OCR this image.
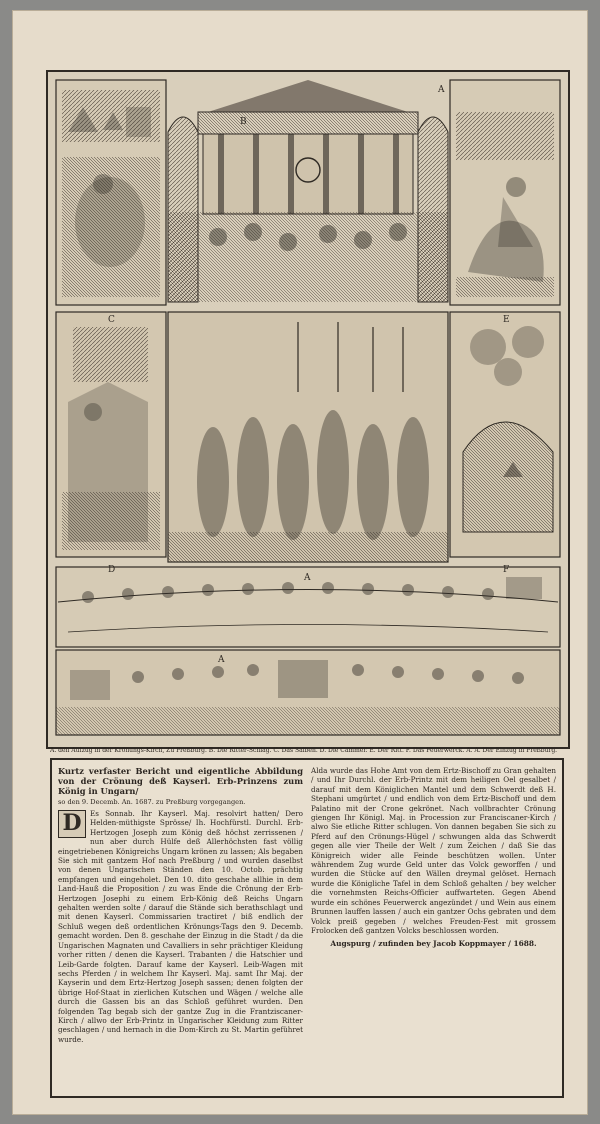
A
B
C
D
E
F
A
A
A. den Aufzug in der Krönungs-Kirch, Zu Preßburg. B. Die Ritter-Schlag. C. Das Salben. D. Die Cammer. E. Der Ritt. F. Das Feuerwerck. A. A. Der Einzug in Preßburg.
Kurtz verfaster Bericht und eigentliche Abbildung von der Crönung deß Kayserl. Erb-Prinzens zum König in Ungarn/
so den 9. Decemb. An. 1687. zu Preßburg vorgegangen.
D	Es Sonnab. Ihr Kayserl. Maj. resolvirt hatten/ Dero Helden-müthigste Sprösse/ Ih. Hochfürstl. Durchl. Erb-Hertzogen Joseph zum König deß höchst zerrissenen / nun aber durch Hülfe deß Allerhöchsten fast völlig eingetriebenen Königreichs Ungarn krönen zu lassen; Als begaben Sie sich mit gantzem Hof nach Preßburg / und wurden daselbst von denen Ungarischen Ständen den 10. Octob. prächtig empfangen und eingeholet. Den 10. dito geschahe allhie in dem Land-Hauß die Proposition / zu was Ende die Crönung der Erb-Hertzogen Josephi zu einem Erb-König deß Reichs Ungarn gehalten werden solte / darauf die Stände sich berathschlagt und mit denen Kayserl. Commissarien tractiret / biß endlich der Schluß wegen deß ordentlichen Krönungs-Tags den 9. Decemb. gemacht worden. Den 8. geschahe der Einzug in die Stadt / da die Ungarischen Magnaten und Cavalliers in sehr prächtiger Kleidung vorher ritten / denen die Kayserl. Trabanten / die Hatschier und Leib-Garde folgten. Darauf kame der Kayserl. Leib-Wagen mit sechs Pferden / in welchem Ihr Kayserl. Maj. samt Ihr Maj. der Kayserin und dem Ertz-Hertzog Joseph sassen; denen folgten der übrige Hof-Staat in zierlichen Kutschen und Wägen / welche alle durch die Gassen bis an das Schloß geführet wurden. Den folgenden Tag begab sich der gantze Zug in die Frantziscaner-Kirch / allwo der Erb-Printz in Ungarischer Kleidung zum Ritter geschlagen / und hernach in die Dom-Kirch zu St. Martin geführet wurde.
Alda wurde das Hohe Amt von dem Ertz-Bischoff zu Gran gehalten / und Ihr Durchl. der Erb-Printz mit dem heiligen Oel gesalbet / darauf mit dem Königlichen Mantel und dem Schwerdt deß H. Stephani umgürtet / und endlich von dem Ertz-Bischoff und dem Palatino mit der Crone gekrönet. Nach vollbrachter Crönung giengen Ihr Königl. Maj. in Procession zur Franciscaner-Kirch / alwo Sie etliche Ritter schlugen. Von dannen begaben Sie sich zu Pferd auf den Crönungs-Hügel / schwungen alda das Schwerdt gegen alle vier Theile der Welt / zum Zeichen / daß Sie das Königreich wider alle Feinde beschützen wollen. Unter währendem Zug wurde Geld unter das Volck geworffen / und wurden die Stücke auf den Wällen dreymal gelöset. Hernach wurde die Königliche Tafel in dem Schloß gehalten / bey welcher die vornehmsten Reichs-Officier auffwarteten. Gegen Abend wurde ein schönes Feuerwerck angezündet / und Wein aus einem Brunnen lauffen lassen / auch ein gantzer Ochs gebraten und dem Volck preiß gegeben / welches Freuden-Fest mit grossem Frolocken deß gantzen Volcks beschlossen worden.
Augspurg / zufinden bey Jacob Koppmayer / 1688.
